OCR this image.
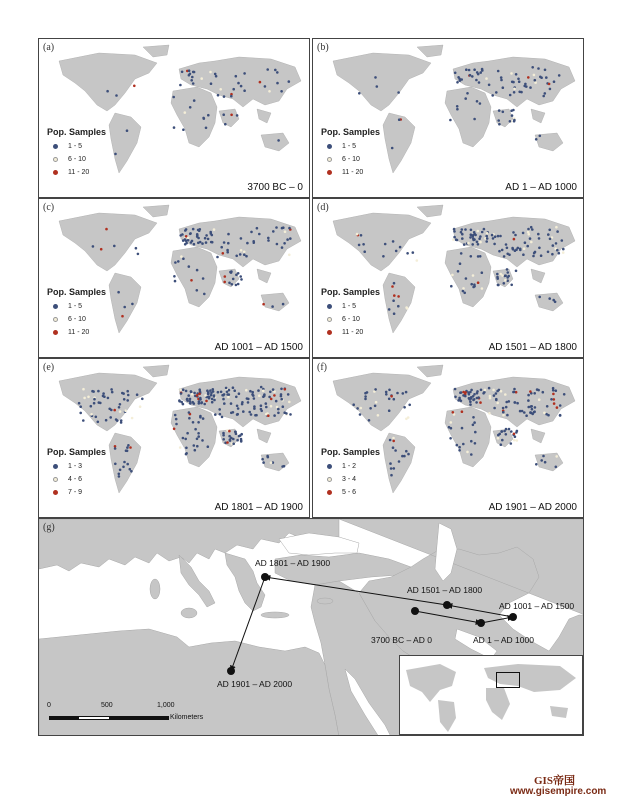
(a)
Pop. Samples
1 - 5
6 - 10
11 - 20
3700 BC – 0
(b)
Pop. Samples
1 - 5
6 - 10
11 - 20
AD 1 – AD 1000
(c)
Pop. Samples
1 - 5
6 - 10
11 - 20
AD 1001 – AD 1500
(d)
Pop. Samples
1 - 5
6 - 10
11 - 20
AD 1501 – AD 1800
(e)
Pop. Samples
1 - 3
4 - 6
7 - 9
AD 1801 – AD 1900
(f)
Pop. Samples
1 - 2
3 - 4
5 - 6
AD 1901 – AD 2000
(g)
3700 BC – AD 0	AD 1 – AD 1000
AD 1001 – AD 1500
AD 1501 – AD 1800
AD 1801 – AD 1900
AD 1901 – AD 2000
0	500	1,000
Kilometers
GIS帝国
www.gisempire.com
